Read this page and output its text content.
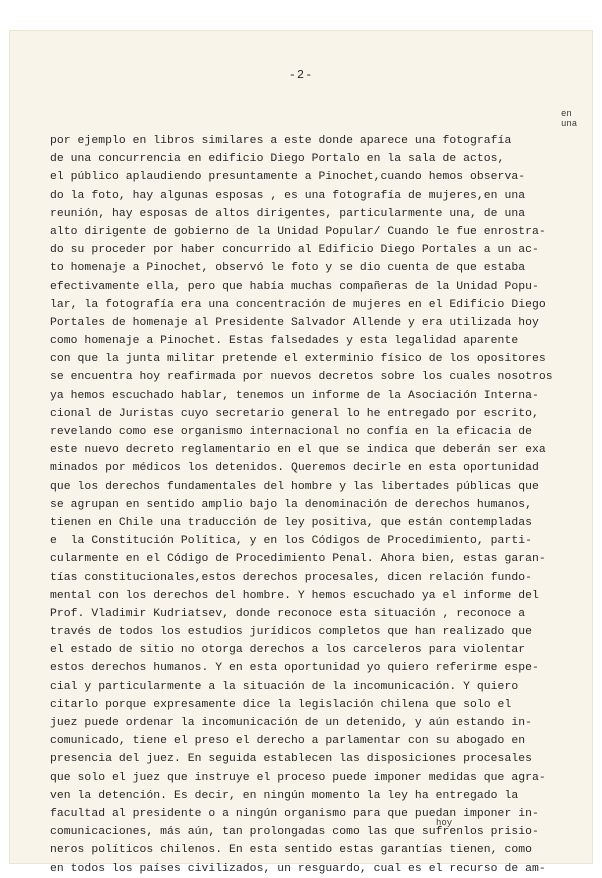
-2-
por ejemplo en libros similares a este donde aparece una fotografía
de una concurrencia en edificio Diego Portalo en la sala de actos,
el público aplaudiendo presuntamente a Pinochet,cuando hemos observa-
do la foto, hay algunas esposas , es una fotografía de mujeres,en una
reunión, hay esposas de altos dirigentes, particularmente una, de una
alto dirigente de gobierno de la Unidad Popular/ Cuando le fue enrostra-
do su proceder por haber concurrido al Edificio Diego Portales a un ac-
to homenaje a Pinochet, observó le foto y se dio cuenta de que estaba
efectivamente ella, pero que había muchas compañeras de la Unidad Popu-
lar, la fotografía era una concentración de mujeres en el Edificio Diego
Portales de homenaje al Presidente Salvador Allende y era utilizada hoy
como homenaje a Pinochet. Estas falsedades y esta legalidad aparente
con que la junta militar pretende el exterminio físico de los opositores
se encuentra hoy reafirmada por nuevos decretos sobre los cuales nosotros
ya hemos escuchado hablar, tenemos un informe de la Asociación Interna-
cional de Juristas cuyo secretario general lo he entregado por escrito,
revelando como ese organismo internacional no confía en la eficacia de
este nuevo decreto reglamentario en el que se indica que deberán ser exa
minados por médicos los detenidos. Queremos decirle en esta oportunidad
que los derechos fundamentales del hombre y las libertades públicas que
se agrupan en sentido amplio bajo la denominación de derechos humanos,
tienen en Chile una traducción de ley positiva, que están contempladas
e  la Constitución Política, y en los Códigos de Procedimiento, parti-
cularmente en el Código de Procedimiento Penal. Ahora bien, estas garan-
tías constitucionales,estos derechos procesales, dicen relación fundo-
mental con los derechos del hombre. Y hemos escuchado ya el informe del
Prof. Vladimir Kudriatsev, donde reconoce esta situación , reconoce a
través de todos los estudios jurídicos completos que han realizado que
el estado de sitio no otorga derechos a los carceleros para violentar
estos derechos humanos. Y en esta oportunidad yo quiero referirme espe-
cial y particularmente a la situación de la incomunicación. Y quiero
citarlo porque expresamente dice la legislación chilena que solo el
juez puede ordenar la incomunicación de un detenido, y aún estando in-
comunicado, tiene el preso el derecho a parlamentar con su abogado en
presencia del juez. En seguida establecen las disposiciones procesales
que solo el juez que instruye el proceso puede imponer medidas que agra-
ven la detención. Es decir, en ningún momento la ley ha entregado la
facultad al presidente o a ningún organismo para que puedan imponer in-
comunicaciones, más aún, tan prolongadas como las que sufrenlos prisio-
neros políticos chilenos. En esta sentido estas garantías tienen, como
en todos los países civilizados, un resguardo, cual es el recurso de am-
en una
hoy
